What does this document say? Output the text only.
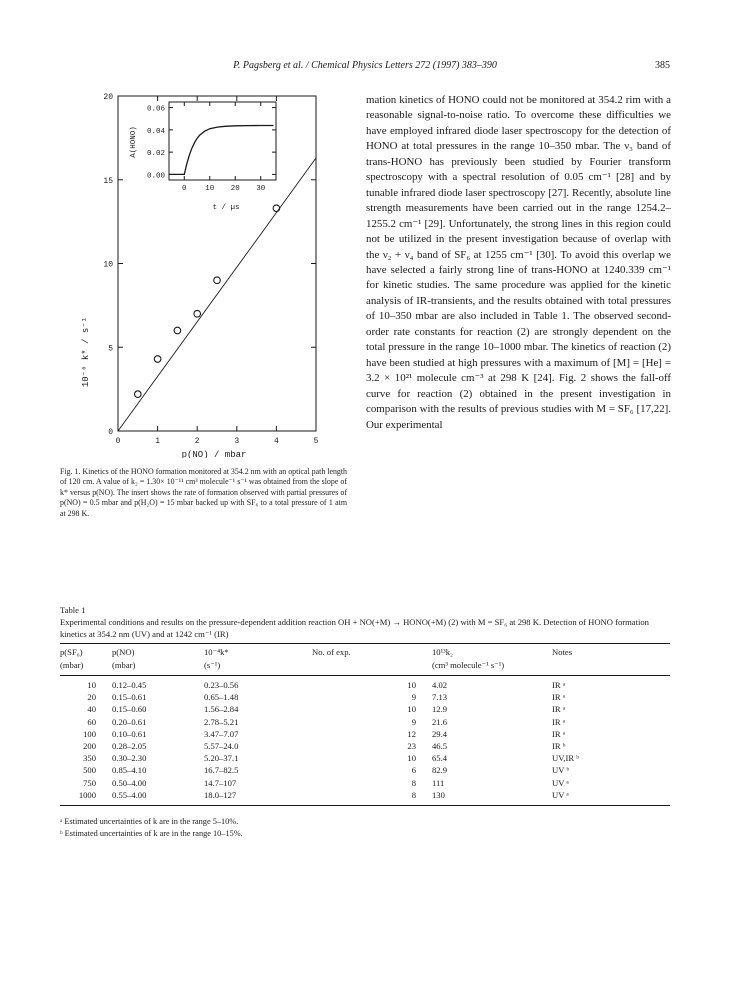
P. Pagsberg et al. / Chemical Physics Letters 272 (1997) 383–390	385
0	1	2	3	4	5
0
5
10
15
20
0 10 20 30
0.00
0.02
0.04
0.06
10⁻⁶ k* / s⁻¹
p(NO) / mbar
A(HONO)
t / µs
Fig. 1. Kinetics of the HONO formation monitored at 354.2 nm with an optical path length of 120 cm. A value of k₂ = 1.30× 10⁻¹¹ cm³ molecule⁻¹ s⁻¹ was obtained from the slope of k* versus p(NO). The insert shows the rate of formation observed with partial pressures of p(NO) = 0.5 mbar and p(H₂O) = 15 mbar backed up with SF₆ to a total pressure of 1 atm at 298 K.
mation kinetics of HONO could not be monitored at 354.2 rim with a reasonable signal-to-noise ratio. To overcome these difficulties we have employed infrared diode laser spectroscopy for the detection of HONO at total pressures in the range 10–350 mbar. The ν₃ band of trans-HONO has previously been studied by Fourier transform spectroscopy with a spectral resolution of 0.05 cm⁻¹ [28] and by tunable infrared diode laser spectroscopy [27]. Recently, absolute line strength measurements have been carried out in the range 1254.2–1255.2 cm⁻¹ [29]. Unfortunately, the strong lines in this region could not be utilized in the present investigation because of overlap with the ν₂ + ν₄ band of SF₆ at 1255 cm⁻¹ [30]. To avoid this overlap we have selected a fairly strong line of trans-HONO at 1240.339 cm⁻¹ for kinetic studies. The same procedure was applied for the kinetic analysis of IR-transients, and the results obtained with total pressures of 10–350 mbar are also included in Table 1. The observed second-order rate constants for reaction (2) are strongly dependent on the total pressure in the range 10–1000 mbar. The kinetics of reaction (2) have been studied at high pressures with a maximum of [M] = [He] = 3.2 × 10²¹ molecule cm⁻³ at 298 K [24]. Fig. 2 shows the fall-off curve for reaction (2) obtained in the present investigation in comparison with the results of previous studies with M = SF₆ [17,22]. Our experimental
Table 1
Experimental conditions and results on the pressure-dependent addition reaction OH + NO(+M) → HONO(+M) (2) with M = SF₆ at 298 K. Detection of HONO formation kinetics at 354.2 nm (UV) and at 1242 cm⁻¹ (IR)
p(SF₆)	p(NO)	10⁻⁴k*	No. of exp.	10¹³k₂	Notes
(mbar)	(mbar)	(s⁻¹)		(cm³ molecule⁻¹ s⁻¹)	
10	0.12–0.45	0.23–0.56	10	4.02	IR ᵃ
20	0.15–0.61	0.65–1.48	9	7.13	IR ᵃ
40	0.15–0.60	1.56–2.84	10	12.9	IR ᵃ
60	0.20–0.61	2.78–5.21	9	21.6	IR ᵃ
100	0.10–0.61	3.47–7.07	12	29.4	IR ᵃ
200	0.28–2.05	5.57–24.0	23	46.5	IR ᵇ
350	0.30–2.30	5.20–37.1	10	65.4	UV,IR ᵇ
500	0.85–4.10	16.7–82.5	6	82.9	UV ᵇ
750	0.50–4.00	14.7–107	8	111	UV ᵃ
1000	0.55–4.00	18.0–127	8	130	UV ᵃ
ᵃ Estimated uncertainties of k are in the range 5–10%.
ᵇ Estimated uncertainties of k are in the range 10–15%.
